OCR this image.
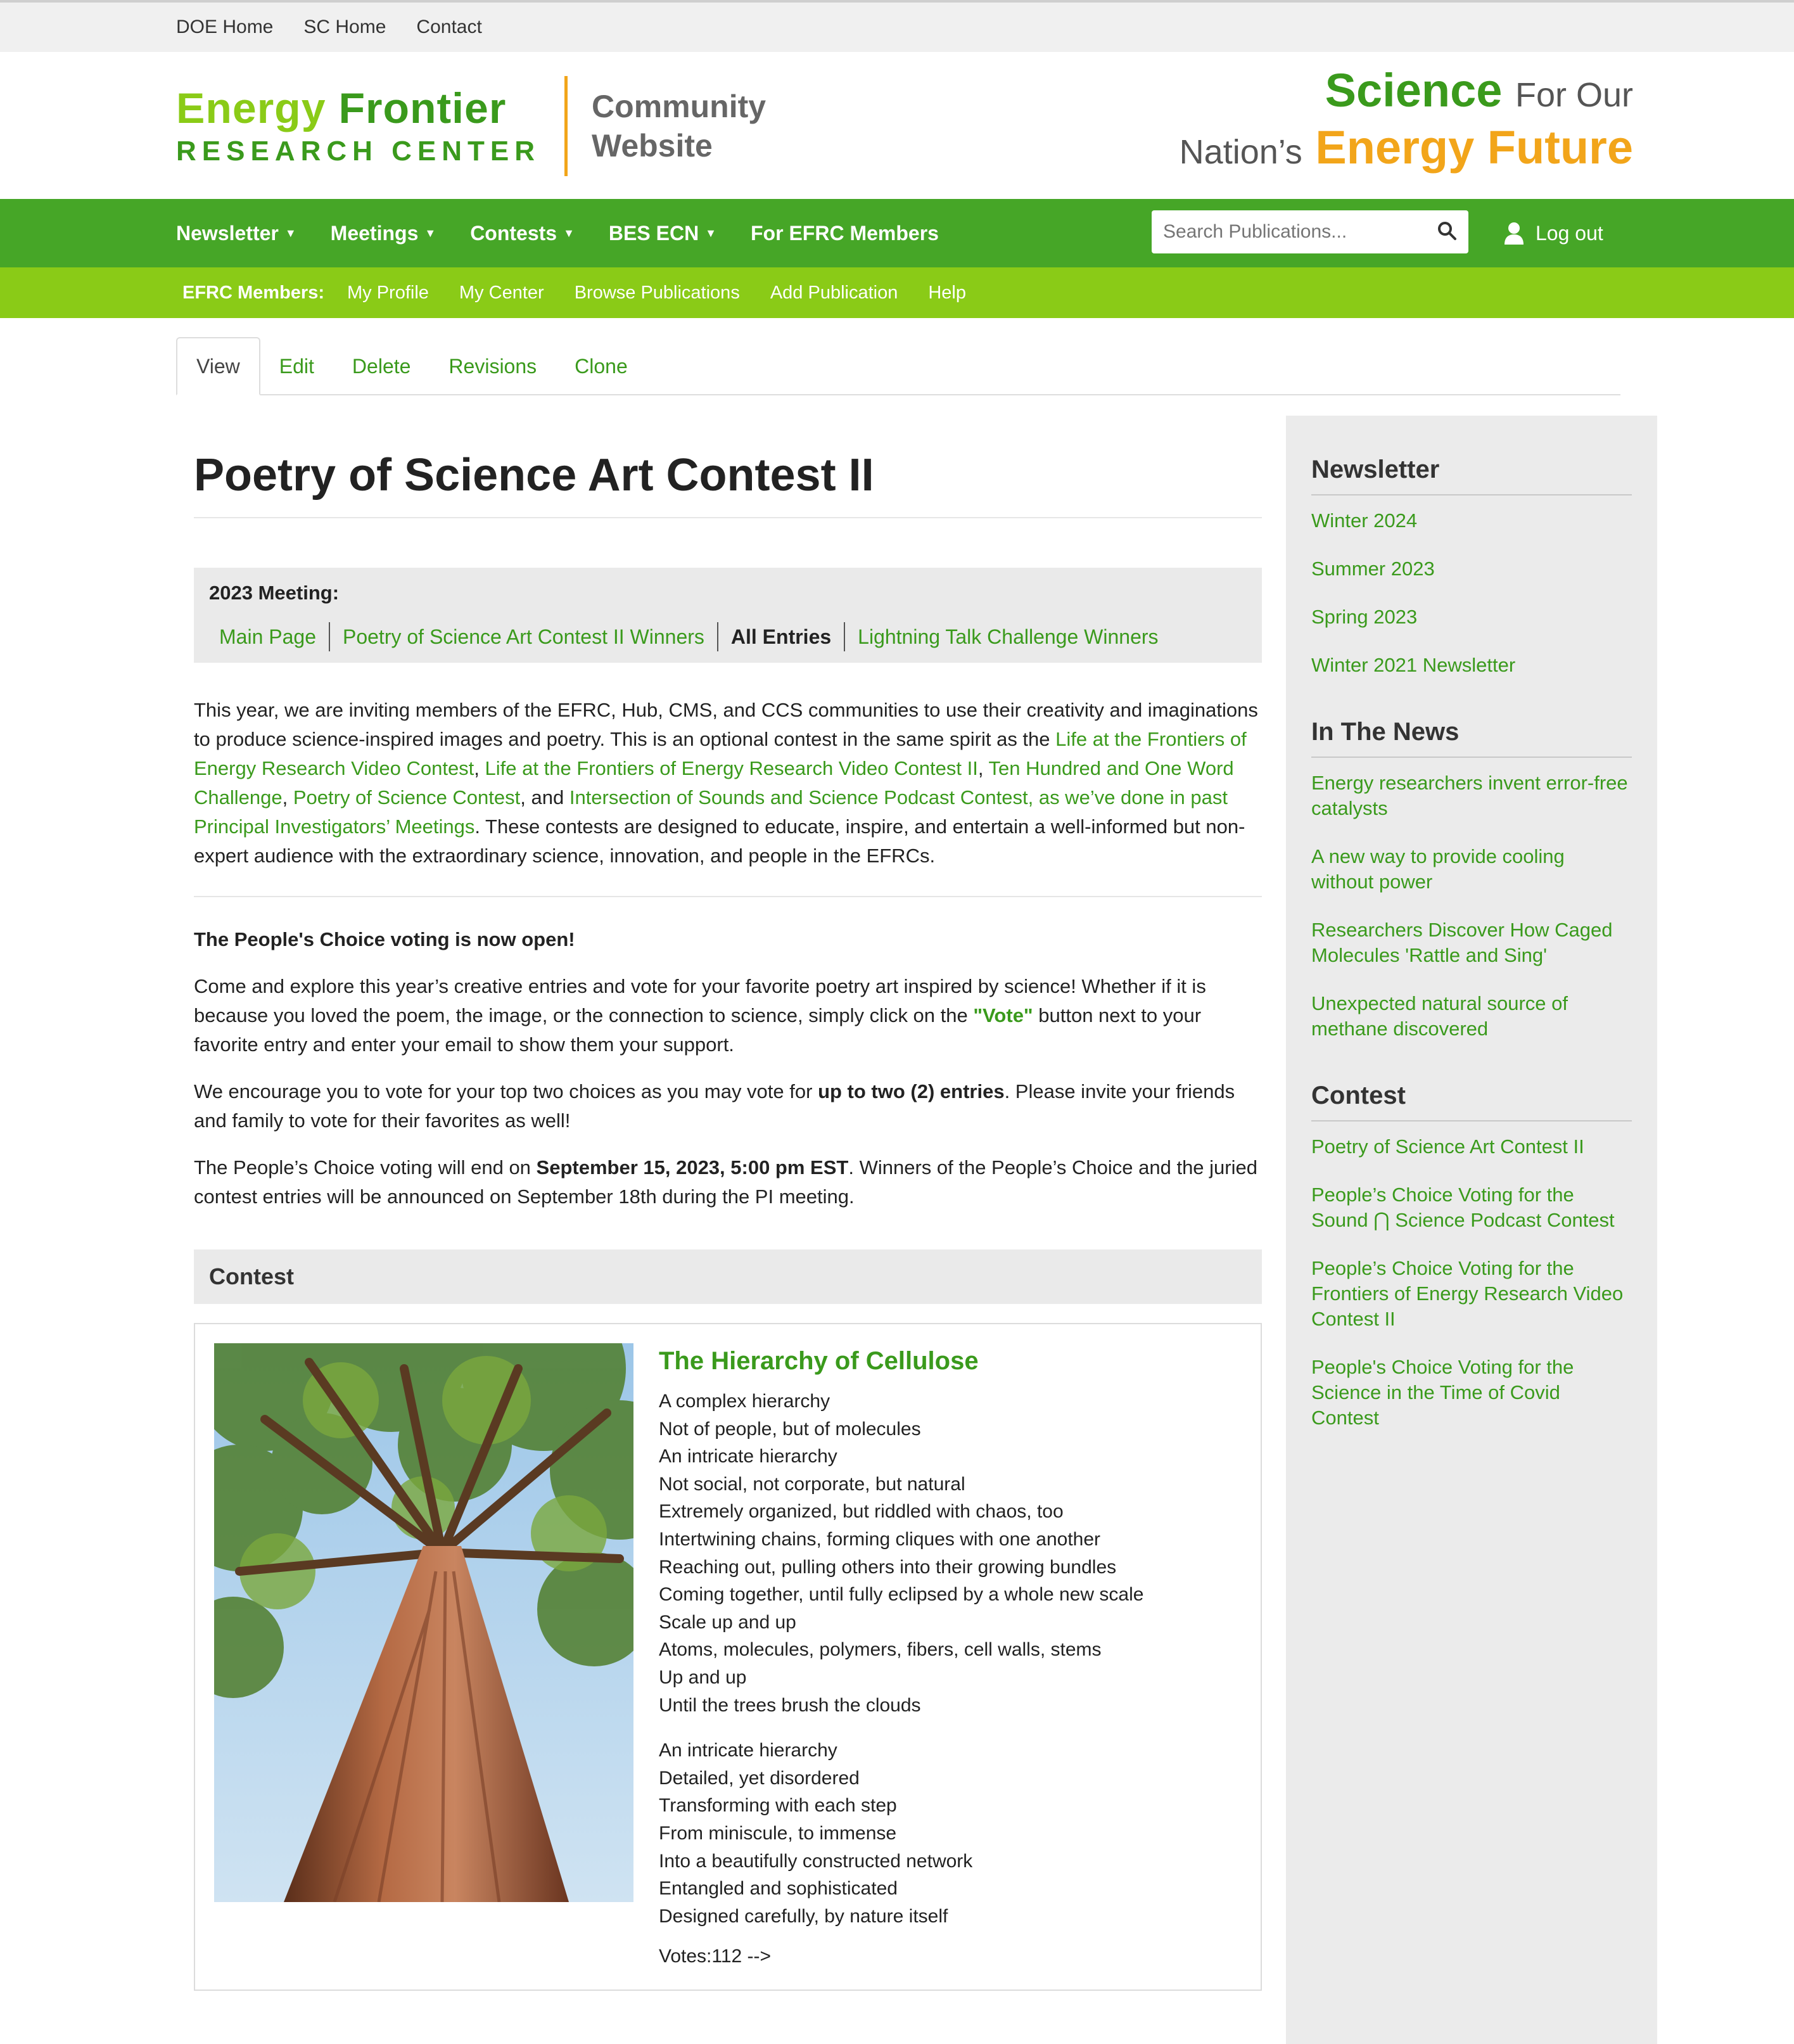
DOE Home SC Home Contact
Energy Frontier
RESEARCH CENTER
Community
Website
Science For Our
Nation’s Energy Future
Newsletter ▼ Meetings ▼ Contests ▼ BES ECN ▼ For EFRC Members
Search Publications...	Log out
EFRC Members: My Profile My Center Browse Publications Add Publication Help
View	Edit	Delete	Revisions	Clone
Poetry of Science Art Contest II
2023 Meeting:
Main Page Poetry of Science Art Contest II Winners All Entries Lightning Talk Challenge Winners

This year, we are inviting members of the EFRC, Hub, CMS, and CCS communities to use their creativity and imaginations to produce science-inspired images and poetry. This is an optional contest in the same spirit as the Life at the Frontiers of Energy Research Video Contest, Life at the Frontiers of Energy Research Video Contest II, Ten Hundred and One Word Challenge, Poetry of Science Contest, and Intersection of Sounds and Science Podcast Contest, as we’ve done in past Principal Investigators’ Meetings. These contests are designed to educate, inspire, and entertain a well-informed but non-expert audience with the extraordinary science, innovation, and people in the EFRCs.

The People's Choice voting is now open!

Come and explore this year’s creative entries and vote for your favorite poetry art inspired by science! Whether if it is because you loved the poem, the image, or the connection to science, simply click on the "Vote" button next to your favorite entry and enter your email to show them your support.

We encourage you to vote for your top two choices as you may vote for up to two (2) entries. Please invite your friends and family to vote for their favorites as well!

The People’s Choice voting will end on September 15, 2023, 5:00 pm EST. Winners of the People’s Choice and the juried contest entries will be announced on September 18th during the PI meeting.

Contest
The Hierarchy of Cellulose
A complex hierarchy
Not of people, but of molecules
An intricate hierarchy
Not social, not corporate, but natural
Extremely organized, but riddled with chaos, too
Intertwining chains, forming cliques with one another
Reaching out, pulling others into their growing bundles
Coming together, until fully eclipsed by a whole new scale
Scale up and up
Atoms, molecules, polymers, fibers, cell walls, stems
Up and up
Until the trees brush the clouds
An intricate hierarchy
Detailed, yet disordered
Transforming with each step
From miniscule, to immense
Into a beautifully constructed network
Entangled and sophisticated
Designed carefully, by nature itself
Votes:112 -->
Newsletter
Winter 2024
Summer 2023
Spring 2023
Winter 2021 Newsletter
In The News
Energy researchers invent error-free catalysts
A new way to provide cooling without power
Researchers Discover How Caged Molecules 'Rattle and Sing'
Unexpected natural source of methane discovered
Contest
Poetry of Science Art Contest II
People’s Choice Voting for the Sound ⋂ Science Podcast Contest
People’s Choice Voting for the Frontiers of Energy Research Video Contest II
People's Choice Voting for the Science in the Time of Covid Contest
